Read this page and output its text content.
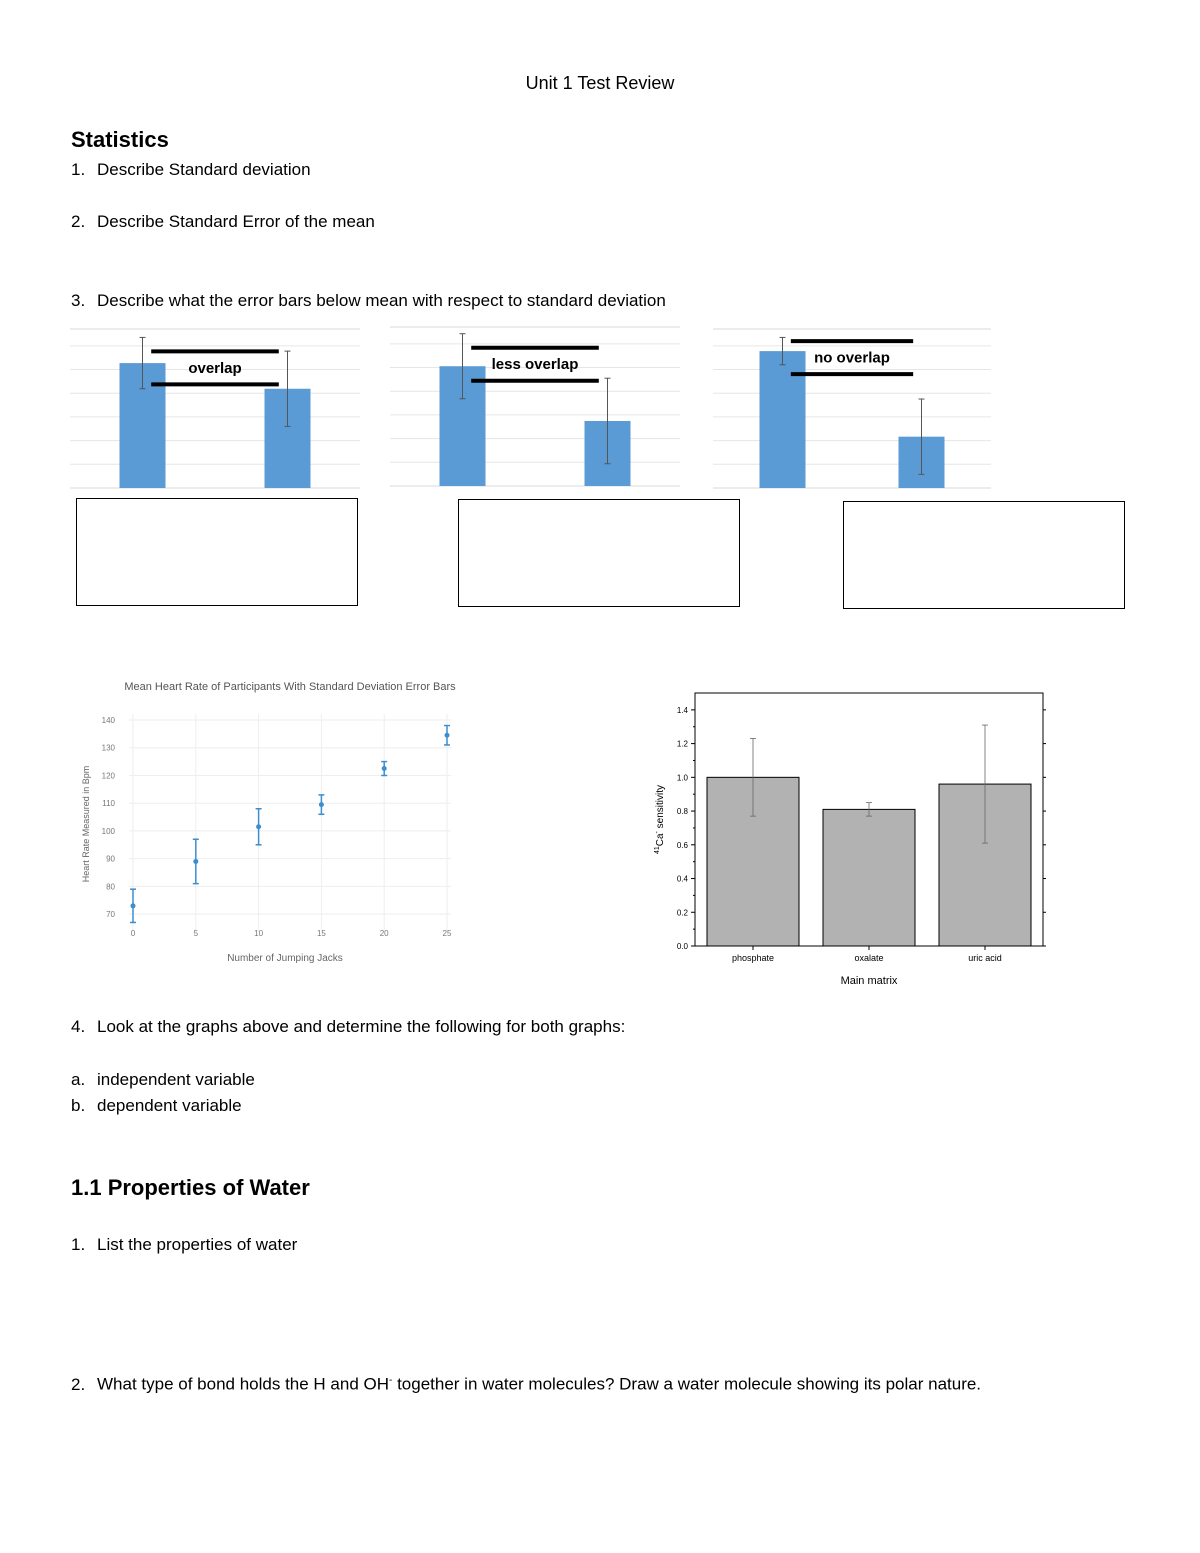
Unit 1 Test Review
Statistics
1. Describe Standard deviation
2. Describe Standard Error of the mean
3. Describe what the error bars below mean with respect to standard deviation
overlap	less overlap	no overlap
Mean Heart Rate of Participants With Standard Deviation Error Bars
70
80
90
100
110
120
130
140
0	5	10	15	20	25
Number of Jumping Jacks
Heart Rate Measured in Bpm
0.0
0.2
0.4
0.6
0.8
1.0
1.2
1.4
phosphate	oxalate	uric acid
Main matrix
$^{41}$Ca- sensitivity
4. Look at the graphs above and determine the following for both graphs:
a. independent variable
b. dependent variable
1.1 Properties of Water
1. List the properties of water
2. What type of bond holds the H and OH- together in water molecules? Draw a water molecule showing its polar nature.
